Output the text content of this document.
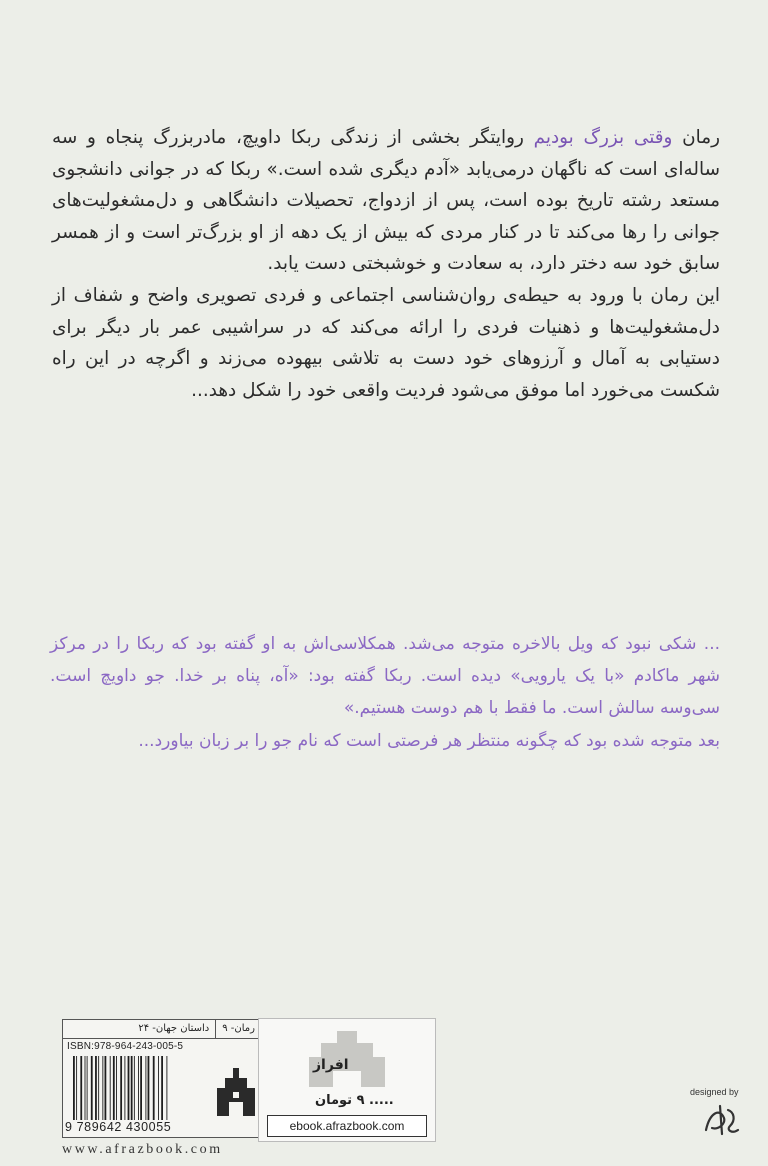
رمان وقتی بزرگ بودیم روایتگر بخشی از زندگی ربکا داویچ، مادربزرگ پنجاه و سه ساله‌ای است که ناگهان درمی‌یابد «آدم دیگری شده است.» ربکا که در جوانی دانشجوی مستعد رشته تاریخ بوده است، پس از ازدواج، تحصیلات دانشگاهی و دل‌مشغولیت‌های جوانی را رها می‌کند تا در کنار مردی که بیش از یک دهه از او بزرگ‌تر است و از همسر سابق خود سه دختر دارد، به سعادت و خوشبختی دست یابد.

این رمان با ورود به حیطه‌ی روان‌شناسی اجتماعی و فردی تصویری واضح و شفاف از دل‌مشغولیت‌ها و ذهنیات فردی را ارائه می‌کند که در سراشیبی عمر بار دیگر برای دستیابی به آمال و آرزوهای خود دست به تلاشی بیهوده می‌زند و اگرچه در این راه شکست می‌خورد اما موفق می‌شود فردیت واقعی خود را شکل دهد...

... شکی نبود که ویل بالاخره متوجه می‌شد. همکلاسی‌اش به او گفته بود که ربکا را در مرکز شهر ماکادم «با یک یارویی» دیده است. ربکا گفته بود: «آه، پناه بر خدا. جو داویچ است. سی‌وسه سالش است. ما فقط با هم دوست هستیم.»

بعد متوجه شده بود که چگونه منتظر هر فرصتی است که نام جو را بر زبان بیاورد...

رمان- ۹
داستان جهان- ۲۴
ISBN:978-964-243-005-5
9 789642 430055
افراز
..... ۹ تومان
ebook.afrazbook.com
www.afrazbook.com
designed by
